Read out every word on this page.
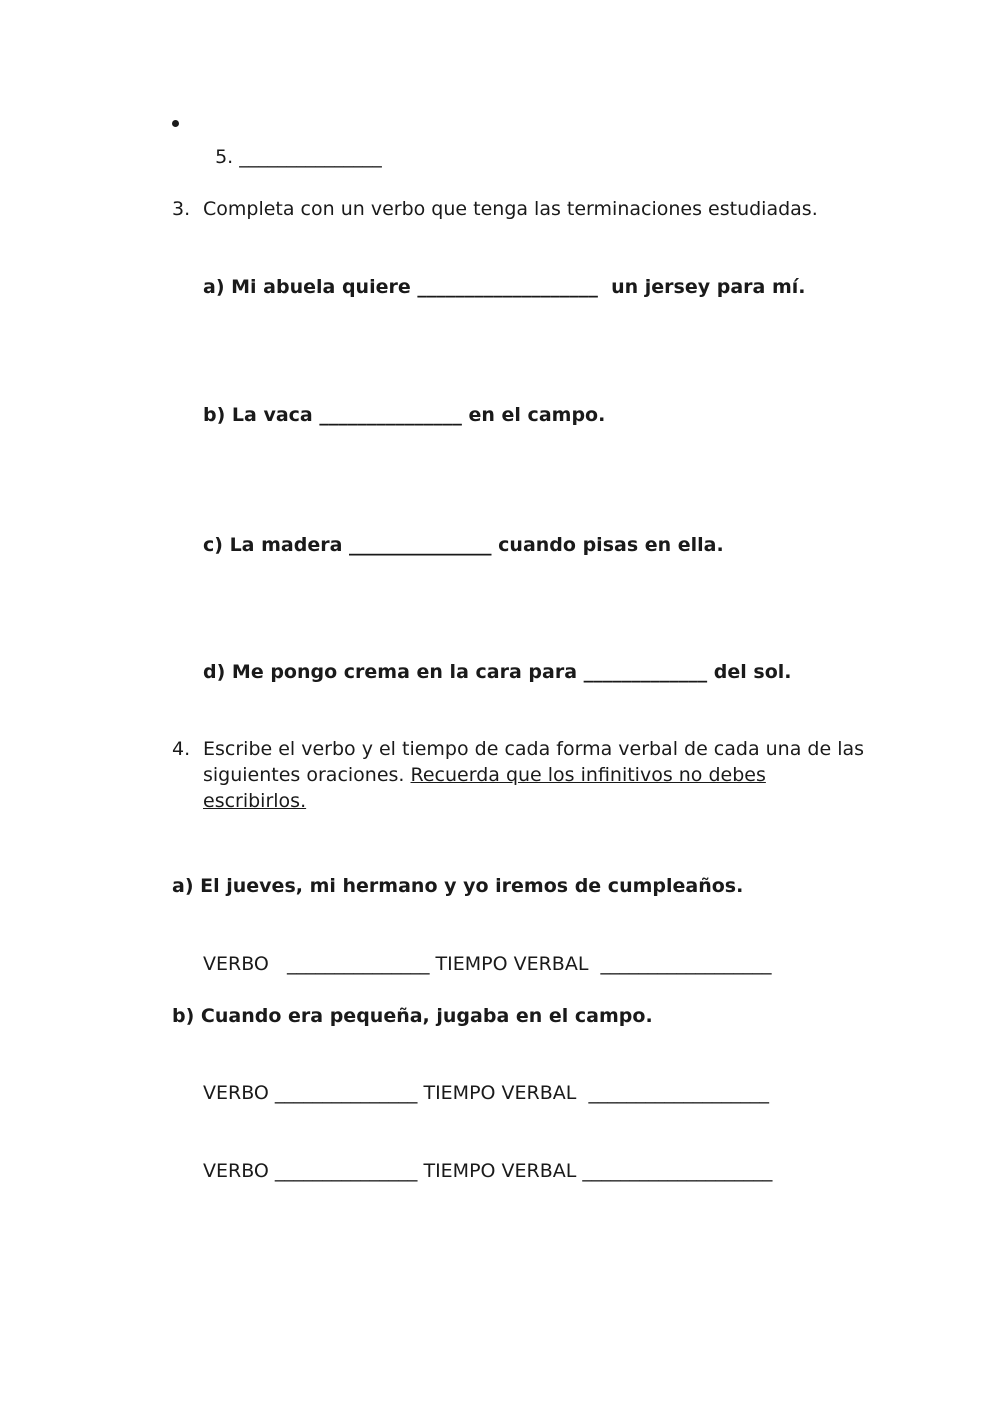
5. _______________

3. Completa con un verbo que tenga las terminaciones estudiadas.
a) Mi abuela quiere ___________________ un jersey para mí.
b) La vaca _______________ en el campo.
c) La madera _______________ cuando pisas en ella.
d) Me pongo crema en la cara para _____________ del sol.
4. Escribe el verbo y el tiempo de cada forma verbal de cada una de las
siguientes oraciones. Recuerda que los infinitivos no debes
escribirlos.
a) El jueves, mi hermano y yo iremos de cumpleaños.
VERBO _______________ TIEMPO VERBAL __________________
b) Cuando era pequeña, jugaba en el campo.
VERBO _______________ TIEMPO VERBAL ___________________
VERBO _______________ TIEMPO VERBAL ____________________
